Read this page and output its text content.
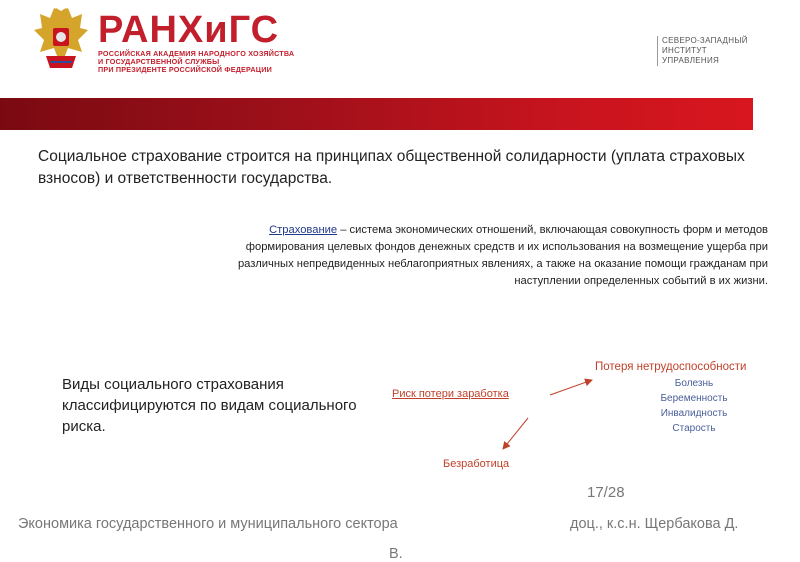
РАНХиГС
РОССИЙСКАЯ АКАДЕМИЯ НАРОДНОГО ХОЗЯЙСТВА
И ГОСУДАРСТВЕННОЙ СЛУЖБЫ
ПРИ ПРЕЗИДЕНТЕ РОССИЙСКОЙ ФЕДЕРАЦИИ
СЕВЕРО-ЗАПАДНЫЙ
ИНСТИТУТ
УПРАВЛЕНИЯ
Социальное страхование строится на принципах общественной солидарности (уплата страховых взносов) и ответственности государства.
Страхование – система экономических отношений, включающая совокупность форм и методов формирования целевых фондов денежных средств и их использования на возмещение ущерба при различных непредвиденных неблагоприятных явлениях, а также на оказание помощи гражданам при наступлении определенных событий в их жизни.
Виды социального страхования классифицируются по видам социального риска.
Риск потери заработка
Потеря нетрудоспособности
Болезнь
Беременность
Инвалидность
Старость
Безработица
17/28
Экономика государственного и муниципального сектора	доц., к.с.н. Щербакова Д.
В.
